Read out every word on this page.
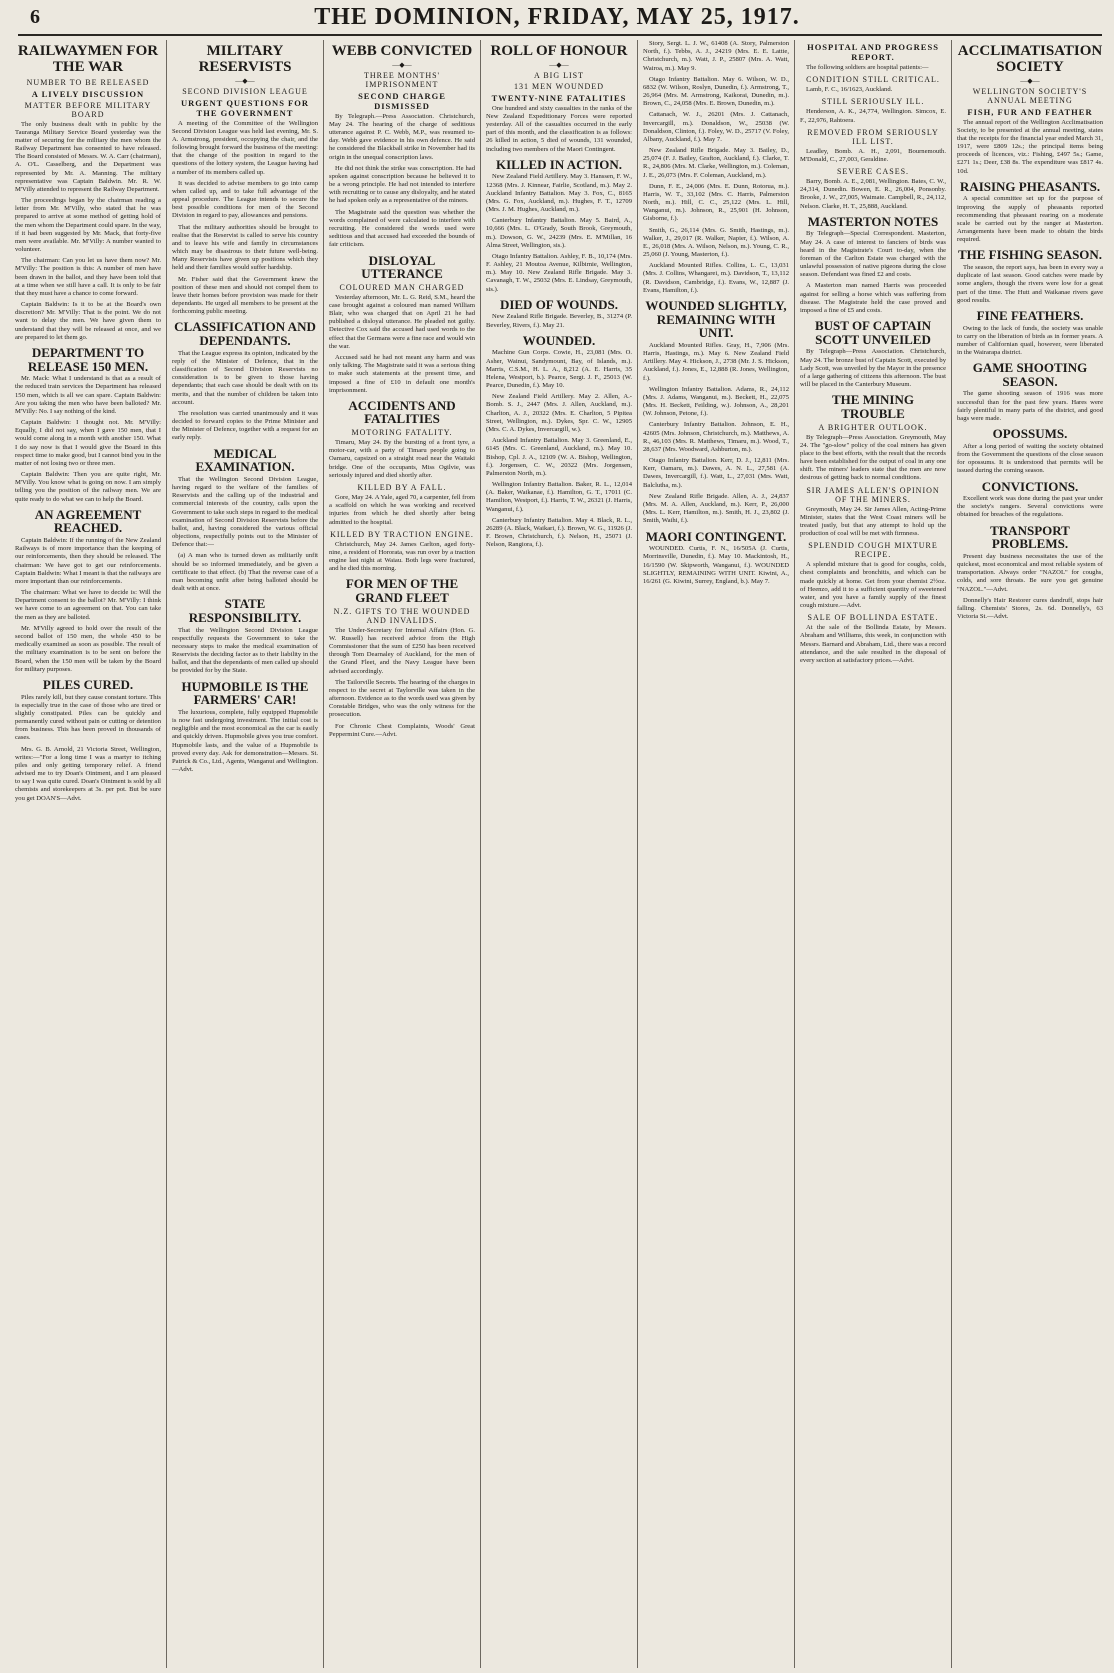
6	THE DOMINION, FRIDAY, MAY 25, 1917.
RAILWAYMEN FOR THE WAR
NUMBER TO BE RELEASED
A LIVELY DISCUSSION
MATTER BEFORE MILITARY BOARD

The only business dealt with in public by the Tauranga Military Service Board yesterday was the matter of securing for the military the men whom the Railway Department has consented to have released. The Board consisted of Messrs. W. A. Carr (chairman), A. O'L. Casselberg, and the Department was represented by Mr. A. Manning. The military representative was Captain Baldwin. Mr. R. W. M'Villy attended to represent the Railway Department.

The proceedings began by the chairman reading a letter from Mr. M'Villy, who stated that he was prepared to arrive at some method of getting hold of the men whom the Department could spare. In the way, if it had been suggested by Mr. Mack, that forty-five men were available. Mr. M'Villy: A number wanted to volunteer.

The chairman: Can you let us have them now? Mr. M'Villy: The position is this: A number of men have been drawn in the ballot, and they have been told that at a time when we still have a call. It is only to be fair that they must have a chance to come forward.

Captain Baldwin: Is it to be at the Board's own discretion? Mr. M'Villy: That is the point. We do not want to delay the men. We have given them to understand that they will be released at once, and we are prepared to let them go.

DEPARTMENT TO RELEASE 150 MEN.

Mr. Mack: What I understand is that as a result of the reduced train services the Department has released 150 men, which is all we can spare. Captain Baldwin: Are you taking the men who have been balloted? Mr. M'Villy: No. I say nothing of the kind.

Captain Baldwin: I thought not. Mr. M'Villy: Equally, I did not say, when I gave 150 men, that I would come along in a month with another 150. What I do say now is that I would give the Board in this respect time to make good, but I cannot bind you in the matter of not losing two or three men.

Captain Baldwin: Then you are quite right, Mr. M'Villy. You know what is going on now. I am simply telling you the position of the railway men. We are quite ready to do what we can to help the Board.

AN AGREEMENT REACHED.

Captain Baldwin: If the running of the New Zealand Railways is of more importance than the keeping of our reinforcements, then they should be released. The chairman: We have got to get our reinforcements. Captain Baldwin: What I meant is that the railways are more important than our reinforcements.

The chairman: What we have to decide is: Will the Department consent to the ballot? Mr. M'Villy: I think we have come to an agreement on that. You can take the men as they are balloted.

Mr. M'Villy agreed to hold over the result of the second ballot of 150 men, the whole 450 to be medically examined as soon as possible. The result of the military examination is to be sent on before the Board, when the 150 men will be taken by the Board for military purposes.

PILES CURED.

Piles rarely kill, but they cause constant torture. This is especially true in the case of those who are tired or slightly constipated. Piles can be quickly and permanently cured without pain or cutting or detention from business. This has been proved in thousands of cases.

Mrs. G. B. Arnold, 21 Victoria Street, Wellington, writes:—"For a long time I was a martyr to itching piles and only getting temporary relief. A friend advised me to try Doan's Ointment, and I am pleased to say I was quite cured. Doan's Ointment is sold by all chemists and storekeepers at 3s. per pot. But be sure you get DOAN'S—Advt.

MILITARY RESERVISTS
—◆—
SECOND DIVISION LEAGUE
URGENT QUESTIONS FOR THE GOVERNMENT

A meeting of the Committee of the Wellington Second Division League was held last evening, Mr. S. A. Armstrong, president, occupying the chair, and the following brought forward the business of the meeting: that the change of the position in regard to the questions of the lottery system, the League having had a number of its members called up.

It was decided to advise members to go into camp when called up, and to take full advantage of the appeal procedure. The League intends to secure the best possible conditions for men of the Second Division in regard to pay, allowances and pensions.

That the military authorities should be brought to realise that the Reservist is called to serve his country and to leave his wife and family in circumstances which may be disastrous to their future well-being. Many Reservists have given up positions which they held and their families would suffer hardship.

Mr. Fisher said that the Government knew the position of these men and should not compel them to leave their homes before provision was made for their dependants. He urged all members to be present at the forthcoming public meeting.

CLASSIFICATION AND DEPENDANTS.

That the League express its opinion, indicated by the reply of the Minister of Defence, that in the classification of Second Division Reservists no consideration is to be given to those having dependants; that each case should be dealt with on its merits, and that the number of children be taken into account.

The resolution was carried unanimously and it was decided to forward copies to the Prime Minister and the Minister of Defence, together with a request for an early reply.

MEDICAL EXAMINATION.

That the Wellington Second Division League, having regard to the welfare of the families of Reservists and the calling up of the industrial and commercial interests of the country, calls upon the Government to take such steps in regard to the medical examination of Second Division Reservists before the ballot, and, having considered the various official objections, respectfully points out to the Minister of Defence that:—

(a) A man who is turned down as militarily unfit should be so informed immediately, and be given a certificate to that effect. (b) That the reverse case of a man becoming unfit after being balloted should be dealt with at once.

STATE RESPONSIBILITY.

That the Wellington Second Division League respectfully requests the Government to take the necessary steps to make the medical examination of Reservists the deciding factor as to their liability in the ballot, and that the dependants of men called up should be provided for by the State.

HUPMOBILE IS THE FARMERS' CAR!

The luxurious, complete, fully equipped Hupmobile is now fast undergoing investment. The initial cost is negligible and the most economical as the car is easily and quickly driven. Hupmobile gives you true comfort. Hupmobile lasts, and the value of a Hupmobile is proved every day. Ask for demonstration—Messrs. St. Patrick & Co., Ltd., Agents, Wanganui and Wellington.—Advt.

WEBB CONVICTED
—◆—
THREE MONTHS' IMPRISONMENT
SECOND CHARGE DISMISSED

By Telegraph.—Press Association. Christchurch, May 24. The hearing of the charge of seditious utterance against P. C. Webb, M.P., was resumed to-day. Webb gave evidence in his own defence. He said he considered the Blackball strike in November had its origin in the unequal conscription laws.

He did not think the strike was conscription. He had spoken against conscription because he believed it to be a wrong principle. He had not intended to interfere with recruiting or to cause any disloyalty, and he stated he had spoken only as a representative of the miners.

The Magistrate said the question was whether the words complained of were calculated to interfere with recruiting. He considered the words used were seditious and that accused had exceeded the bounds of fair criticism.

DISLOYAL UTTERANCE
COLOURED MAN CHARGED

Yesterday afternoon, Mr. L. G. Reid, S.M., heard the case brought against a coloured man named William Blair, who was charged that on April 21 he had published a disloyal utterance. He pleaded not guilty. Detective Cox said the accused had used words to the effect that the Germans were a fine race and would win the war.

Accused said he had not meant any harm and was only talking. The Magistrate said it was a serious thing to make such statements at the present time, and imposed a fine of £10 in default one month's imprisonment.

ACCIDENTS AND FATALITIES
MOTORING FATALITY.

Timaru, May 24. By the bursting of a front tyre, a motor-car, with a party of Timaru people going to Oamaru, capsized on a straight road near the Waitaki bridge. One of the occupants, Miss Ogilvie, was seriously injured and died shortly after.

KILLED BY A FALL.

Gore, May 24. A Yale, aged 70, a carpenter, fell from a scaffold on which he was working and received injuries from which he died shortly after being admitted to the hospital.

KILLED BY TRACTION ENGINE.

Christchurch, May 24. James Carlton, aged forty-nine, a resident of Hororata, was run over by a traction engine last night at Waiau. Both legs were fractured, and he died this morning.

FOR MEN OF THE GRAND FLEET
N.Z. GIFTS TO THE WOUNDED AND INVALIDS.

The Under-Secretary for Internal Affairs (Hon. G. W. Russell) has received advice from the High Commissioner that the sum of £250 has been received through Tom Dearnaley of Auckland, for the men of the Grand Fleet, and the Navy League have been advised accordingly.

The Tailorville Secrets. The hearing of the charges in respect to the secret at Taylorville was taken in the afternoon. Evidence as to the words used was given by Constable Bridges, who was the only witness for the prosecution.

For Chronic Chest Complaints, Woods' Great Peppermint Cure.—Advt.

ROLL OF HONOUR
—◆—
A BIG LIST
131 MEN WOUNDED
TWENTY-NINE FATALITIES

One hundred and sixty casualties in the ranks of the New Zealand Expeditionary Forces were reported yesterday. All of the casualties occurred in the early part of this month, and the classification is as follows: 26 killed in action, 5 died of wounds, 131 wounded, including two members of the Maori Contingent.

KILLED IN ACTION.

New Zealand Field Artillery. May 3. Hanssen, F. W., 12368 (Mrs. J. Kinnear, Fairlie, Scotland, m.). May 2. Auckland Infantry Battalion. May 3. Fox, C., 8165 (Mrs. G. Fox, Auckland, m.). Hughes, F. T., 12709 (Mrs. J. M. Hughes, Auckland, m.).

Canterbury Infantry Battalion. May 5. Baird, A., 10,666 (Mrs. L. O'Grady, South Brook, Greymouth, m.). Dowson, G. W., 24239 (Mrs. E. M'Millan, 16 Alma Street, Wellington, sis.).

Otago Infantry Battalion. Ashley, F. B., 10,174 (Mrs. F. Ashley, 21 Moutoa Avenue, Kilbirnie, Wellington, m.). May 10. New Zealand Rifle Brigade. May 3. Cavanagh, T. W., 25032 (Mrs. E. Lindsay, Greymouth, sis.).

DIED OF WOUNDS.

New Zealand Rifle Brigade. Beverley, B., 31274 (P. Beverley, Rivers, f.). May 21.

WOUNDED.

Machine Gun Corps. Cowie, H., 23,081 (Mrs. O. Asher, Wainui, Sandymount, Bay, of Islands, m.). Marris, C.S.M., H. L. A., 8,212 (A. E. Harris, 35 Helena, Westport, b.). Pearce, Sergt. J. F., 25013 (W. Pearce, Dunedin, f.). May 10.

New Zealand Field Artillery. May 2. Allen, A.-Bomb. S. J., 2447 (Mrs. J. Allen, Auckland, m.). Charlton, A. J., 20322 (Mrs. E. Charlton, 5 Pipitea Street, Wellington, m.). Dykes, Spr. C. W., 12905 (Mrs. C. A. Dykes, Invercargill, w.).

Auckland Infantry Battalion. May 3. Greenland, E., 6145 (Mrs. C. Greenland, Auckland, m.). May 10. Bishop, Cpl. J. A., 12109 (W. A. Bishop, Wellington, f.). Jorgensen, C. W., 20322 (Mrs. Jorgensen, Palmerston North, m.).

Wellington Infantry Battalion. Baker, R. L., 12,014 (A. Baker, Waikanae, f.). Hamilton, G. T., 17011 (C. Hamilton, Westport, f.). Harris, T. W., 26321 (J. Harris, Wanganui, f.).

Canterbury Infantry Battalion. May 4. Black, R. L., 26289 (A. Black, Waikari, f.). Brown, W. G., 11926 (J. F. Brown, Christchurch, f.). Nelson, H., 25071 (J. Nelson, Rangiora, f.).

Story, Sergt. L. J. W., 61408 (A. Story, Palmerston North, f.). Tebbs, A. J., 24219 (Mrs. E. E. Lattie, Christchurch, m.). Watt, J. P., 25807 (Mrs. A. Watt, Wairoa, m.). May 9.

Otago Infantry Battalion. May 6. Wilson, W. D., 6832 (W. Wilson, Roslyn, Dunedin, f.). Armstrong, T., 26,964 (Mrs. M. Armstrong, Kaikorai, Dunedin, m.). Brown, C., 24,058 (Mrs. E. Brown, Dunedin, m.).

Cattanach, W. J., 26201 (Mrs. J. Cattanach, Invercargill, m.). Donaldson, W., 25038 (W. Donaldson, Clinton, f.). Foley, W. D., 25717 (V. Foley, Albany, Auckland, f.). May 7.

New Zealand Rifle Brigade. May 3. Bailey, D., 25,074 (F. J. Bailey, Grafton, Auckland, f.). Clarke, T. R., 24,806 (Mrs. M. Clarke, Wellington, m.). Coleman, J. E., 26,073 (Mrs. F. Coleman, Auckland, m.).

Dunn, F. E., 24,006 (Mrs. E. Dunn, Rotorua, m.). Harris, W. T., 33,102 (Mrs. C. Harris, Palmerston North, m.). Hill, C. C., 25,122 (Mrs. L. Hill, Wanganui, m.). Johnson, R., 25,901 (H. Johnson, Gisborne, f.).

Smith, G., 26,114 (Mrs. G. Smith, Hastings, m.). Walker, J., 29,017 (R. Walker, Napier, f.). Wilson, A. E., 26,018 (Mrs. A. Wilson, Nelson, m.). Young, C. R., 25,060 (J. Young, Masterton, f.).

Auckland Mounted Rifles. Collins, L. C., 13,031 (Mrs. J. Collins, Whangarei, m.). Davidson, T., 13,112 (R. Davidson, Cambridge, f.). Evans, W., 12,887 (J. Evans, Hamilton, f.).

WOUNDED SLIGHTLY, REMAINING WITH UNIT.

Auckland Mounted Rifles. Gray, H., 7,906 (Mrs. Harris, Hastings, m.). May 6. New Zealand Field Artillery. May 4. Hickson, J., 2738 (Mr. J. S. Hickson, Auckland, f.). Jones, E., 12,888 (R. Jones, Wellington, f.).

Wellington Infantry Battalion. Adams, R., 24,112 (Mrs. J. Adams, Wanganui, m.). Beckett, H., 22,075 (Mrs. H. Beckett, Feilding, w.). Johnson, A., 28,201 (W. Johnson, Petone, f.).

Canterbury Infantry Battalion. Johnson, E. H., 42605 (Mrs. Johnson, Christchurch, m.). Matthews, A. R., 46,103 (Mrs. R. Matthews, Timaru, m.). Wood, T., 28,637 (Mrs. Woodward, Ashburton, m.).

Otago Infantry Battalion. Kerr, D. J., 12,811 (Mrs. Kerr, Oamaru, m.). Dawes, A. N. L., 27,581 (A. Dawes, Invercargill, f.). Watt, L., 27,031 (Mrs. Watt, Balclutha, m.).

New Zealand Rifle Brigade. Allen, A. J., 24,837 (Mrs. M. A. Allen, Auckland, m.). Kerr, P., 26,000 (Mrs. L. Kerr, Hamilton, m.). Smith, H. J., 23,802 (J. Smith, Waihi, f.).

MAORI CONTINGENT.

WOUNDED. Curtis, F. N., 16/505A (J. Curtis, Morrinsville, Dunedin, f.). May 10. Mackintosh, H., 16/1590 (W. Skipworth, Wanganui, f.). WOUNDED SLIGHTLY, REMAINING WITH UNIT. Kiwini, A., 16/261 (G. Kiwini, Surrey, England, b.). May 7.

HOSPITAL AND PROGRESS REPORT.

The following soldiers are hospital patients:—

CONDITION STILL CRITICAL.

Lamb, F. C., 16/1623, Auckland.

STILL SERIOUSLY ILL.

Henderson, A. K., 24,774, Wellington. Simcox, E. F., 22,976, Rahtoera.

REMOVED FROM SERIOUSLY ILL LIST.

Leadley, Bomb. A. H., 2,091, Bournemouth. M'Donald, C., 27,003, Geraldine.

SEVERE CASES.

Barry, Bomb. A. E., 2,081, Wellington. Bates, C. W., 24,314, Dunedin. Bowen, E. R., 26,004, Ponsonby. Brooke, J. W., 27,005, Waimate. Campbell, R., 24,112, Nelson. Clarke, H. T., 25,888, Auckland.

MASTERTON NOTES

By Telegraph—Special Correspondent. Masterton, May 24. A case of interest to fanciers of birds was heard in the Magistrate's Court to-day, when the foreman of the Carlton Estate was charged with the unlawful possession of native pigeons during the close season. Defendant was fined £2 and costs.

A Masterton man named Harris was proceeded against for selling a horse which was suffering from disease. The Magistrate held the case proved and imposed a fine of £5 and costs.

BUST OF CAPTAIN SCOTT UNVEILED

By Telegraph—Press Association. Christchurch, May 24. The bronze bust of Captain Scott, executed by Lady Scott, was unveiled by the Mayor in the presence of a large gathering of citizens this afternoon. The bust will be placed in the Canterbury Museum.

THE MINING TROUBLE
A BRIGHTER OUTLOOK.

By Telegraph—Press Association. Greymouth, May 24. The "go-slow" policy of the coal miners has given place to the best efforts, with the result that the records have been established for the output of coal in any one shift. The miners' leaders state that the men are now desirous of getting back to normal conditions.

SIR JAMES ALLEN'S OPINION OF THE MINERS.

Greymouth, May 24. Sir James Allen, Acting-Prime Minister, states that the West Coast miners will be treated justly, but that any attempt to hold up the production of coal will be met with firmness.

SPLENDID COUGH MIXTURE RECIPE.

A splendid mixture that is good for coughs, colds, chest complaints and bronchitis, and which can be made quickly at home. Get from your chemist 2½oz. of Heenzo, add it to a sufficient quantity of sweetened water, and you have a family supply of the finest cough mixture.—Advt.

SALE OF BOLLINDA ESTATE.

At the sale of the Bollinda Estate, by Messrs. Abraham and Williams, this week, in conjunction with Messrs. Barnard and Abraham, Ltd., there was a record attendance, and the sale resulted in the disposal of every section at satisfactory prices.—Advt.

ACCLIMATISATION SOCIETY
—◆—
WELLINGTON SOCIETY'S ANNUAL MEETING
FISH, FUR AND FEATHER

The annual report of the Wellington Acclimatisation Society, to be presented at the annual meeting, states that the receipts for the financial year ended March 31, 1917, were £809 12s.; the principal items being proceeds of licences, viz.: Fishing, £497 5s.; Game, £271 1s.; Deer, £38 8s. The expenditure was £817 4s. 10d.

RAISING PHEASANTS.

A special committee set up for the purpose of improving the supply of pheasants reported recommending that pheasant rearing on a moderate scale be carried out by the ranger at Masterton. Arrangements have been made to obtain the birds required.

THE FISHING SEASON.

The season, the report says, has been in every way a duplicate of last season. Good catches were made by some anglers, though the rivers were low for a great part of the time. The Hutt and Waikanae rivers gave good results.

FINE FEATHERS.

Owing to the lack of funds, the society was unable to carry on the liberation of birds as in former years. A number of Californian quail, however, were liberated in the Wairarapa district.

GAME SHOOTING SEASON.

The game shooting season of 1916 was more successful than for the past few years. Hares were fairly plentiful in many parts of the district, and good bags were made.

OPOSSUMS.

After a long period of waiting the society obtained from the Government the questions of the close season for opossums. It is understood that permits will be issued during the coming season.

CONVICTIONS.

Excellent work was done during the past year under the society's rangers. Several convictions were obtained for breaches of the regulations.

TRANSPORT PROBLEMS.

Present day business necessitates the use of the quickest, most economical and most reliable system of transportation. Always order "NAZOL" for coughs, colds, and sore throats. Be sure you get genuine "NAZOL."—Advt.

Donnelly's Hair Restorer cures dandruff, stops hair falling. Chemists' Stores, 2s. 6d. Donnelly's, 63 Victoria St.—Advt.
